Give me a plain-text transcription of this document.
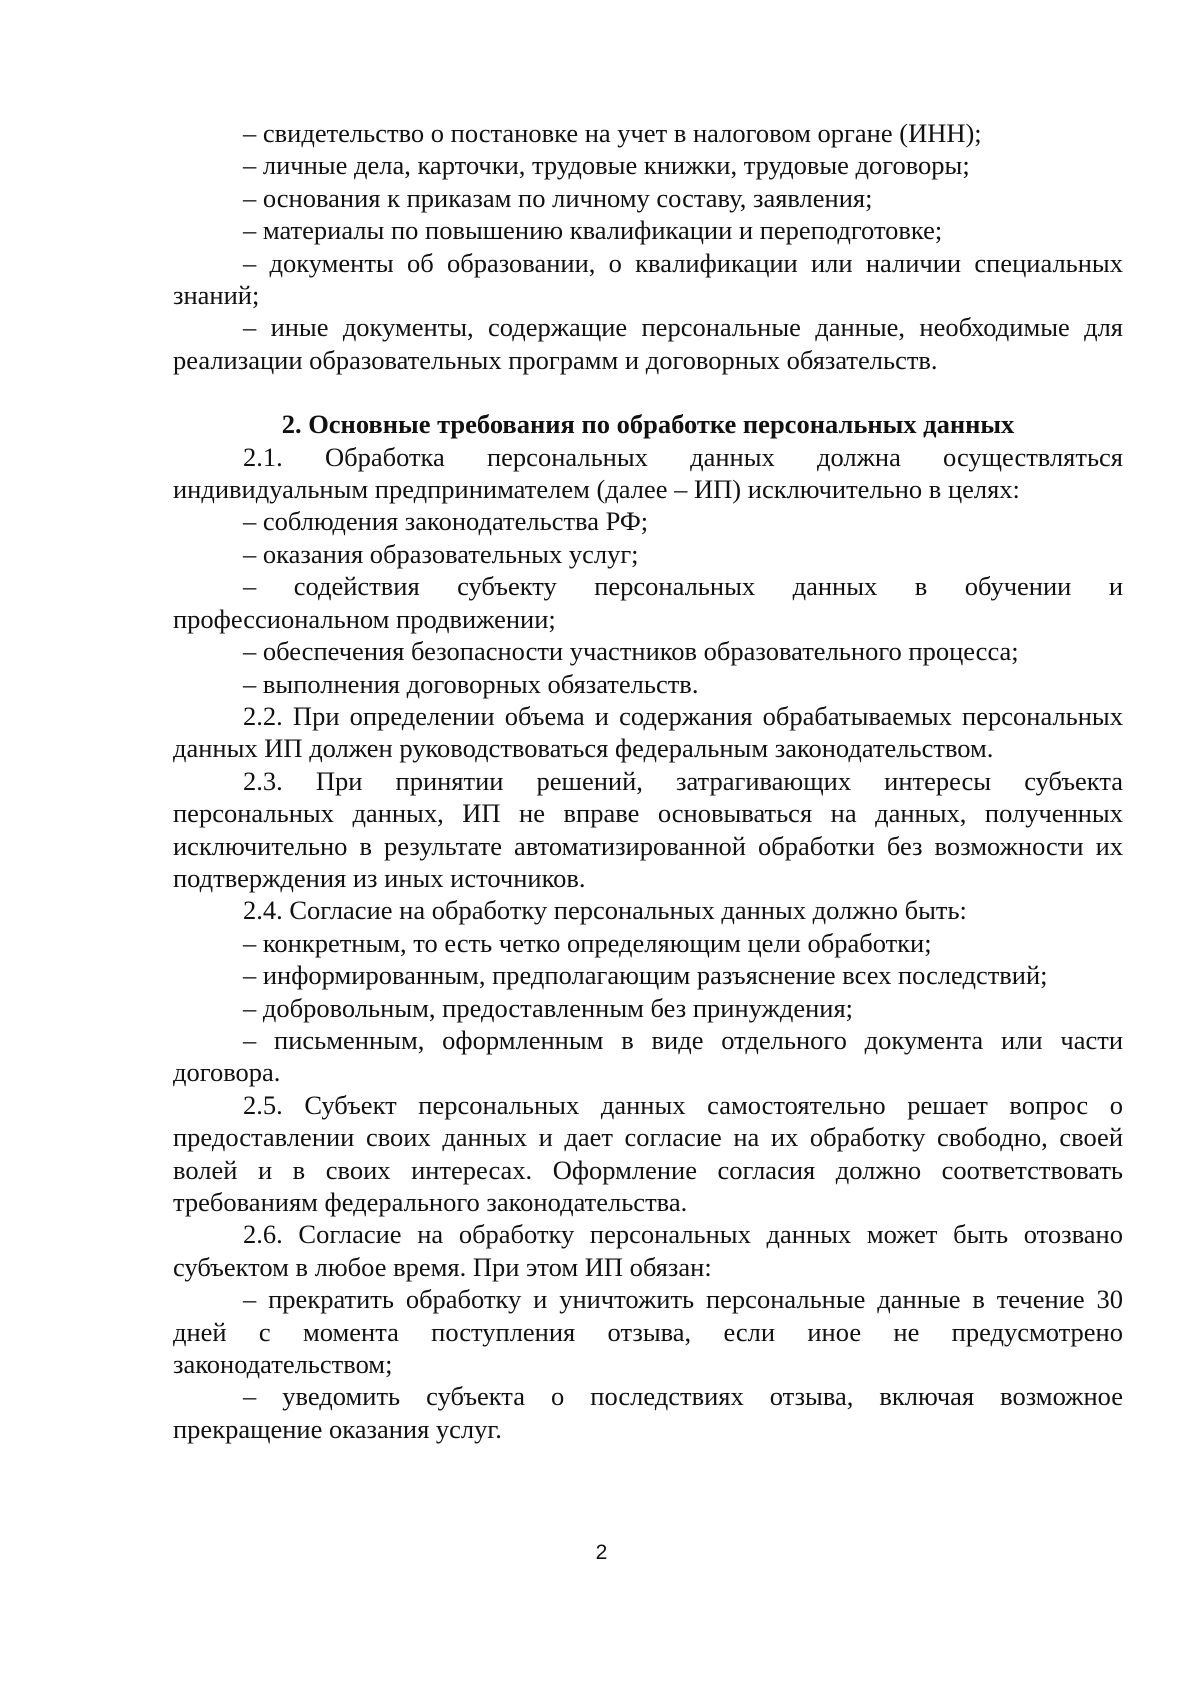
– свидетельство о постановке на учет в налоговом органе (ИНН);

– личные дела, карточки, трудовые книжки, трудовые договоры;

– основания к приказам по личному составу, заявления;

– материалы по повышению квалификации и переподготовке;

– документы об образовании, о квалификации или наличии специальных знаний;

– иные документы, содержащие персональные данные, необходимые для реализации образовательных программ и договорных обязательств.

2. Основные требования по обработке персональных данных

2.1. Обработка персональных данных должна осуществляться индивидуальным предпринимателем (далее – ИП) исключительно в целях:

– соблюдения законодательства РФ;

– оказания образовательных услуг;

– содействия субъекту персональных данных в обучении и профессиональном продвижении;

– обеспечения безопасности участников образовательного процесса;

– выполнения договорных обязательств.

2.2. При определении объема и содержания обрабатываемых персональных данных ИП должен руководствоваться федеральным законодательством.

2.3. При принятии решений, затрагивающих интересы субъекта персональных данных, ИП не вправе основываться на данных, полученных исключительно в результате автоматизированной обработки без возможности их подтверждения из иных источников.

2.4. Согласие на обработку персональных данных должно быть:

– конкретным, то есть четко определяющим цели обработки;

– информированным, предполагающим разъяснение всех последствий;

– добровольным, предоставленным без принуждения;

– письменным, оформленным в виде отдельного документа или части договора.

2.5. Субъект персональных данных самостоятельно решает вопрос о предоставлении своих данных и дает согласие на их обработку свободно, своей волей и в своих интересах. Оформление согласия должно соответствовать требованиям федерального законодательства.

2.6. Согласие на обработку персональных данных может быть отозвано субъектом в любое время. При этом ИП обязан:

– прекратить обработку и уничтожить персональные данные в течение 30 дней с момента поступления отзыва, если иное не предусмотрено законодательством;

– уведомить субъекта о последствиях отзыва, включая возможное прекращение оказания услуг.

2
